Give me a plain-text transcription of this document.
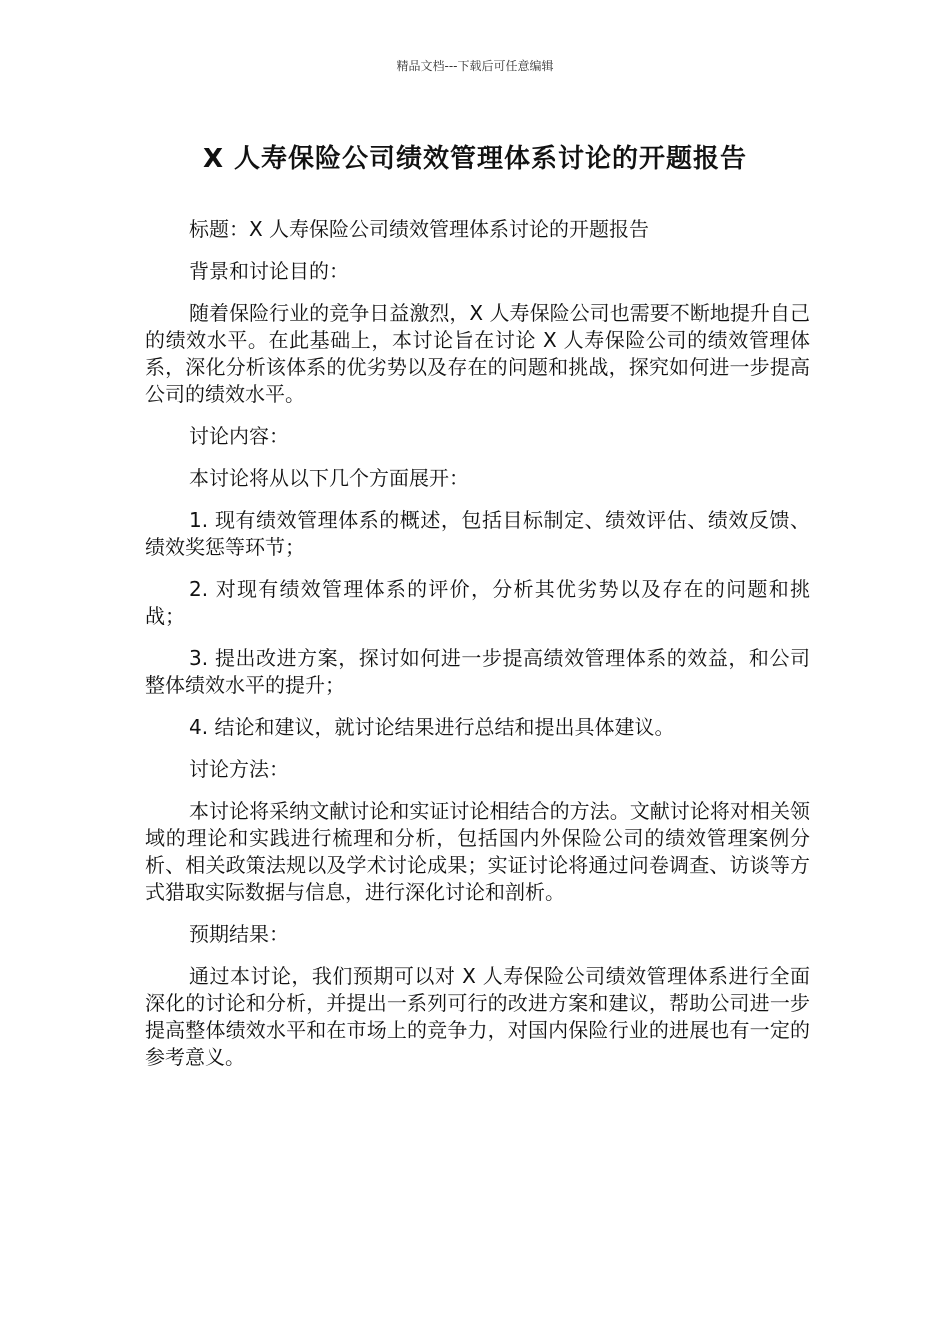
精品文档---下载后可任意编辑
X 人寿保险公司绩效管理体系讨论的开题报告

标题：X 人寿保险公司绩效管理体系讨论的开题报告

背景和讨论目的：

随着保险行业的竞争日益激烈，X 人寿保险公司也需要不断地提升自己的绩效水平。在此基础上，本讨论旨在讨论 X 人寿保险公司的绩效管理体系，深化分析该体系的优劣势以及存在的问题和挑战，探究如何进一步提高公司的绩效水平。

讨论内容：

本讨论将从以下几个方面展开：

1. 现有绩效管理体系的概述，包括目标制定、绩效评估、绩效反馈、绩效奖惩等环节；

2. 对现有绩效管理体系的评价，分析其优劣势以及存在的问题和挑战；

3. 提出改进方案，探讨如何进一步提高绩效管理体系的效益，和公司整体绩效水平的提升；

4. 结论和建议，就讨论结果进行总结和提出具体建议。

讨论方法：

本讨论将采纳文献讨论和实证讨论相结合的方法。文献讨论将对相关领域的理论和实践进行梳理和分析，包括国内外保险公司的绩效管理案例分析、相关政策法规以及学术讨论成果；实证讨论将通过问卷调查、访谈等方式猎取实际数据与信息，进行深化讨论和剖析。

预期结果：

通过本讨论，我们预期可以对 X 人寿保险公司绩效管理体系进行全面深化的讨论和分析，并提出一系列可行的改进方案和建议，帮助公司进一步提高整体绩效水平和在市场上的竞争力，对国内保险行业的进展也有一定的参考意义。
